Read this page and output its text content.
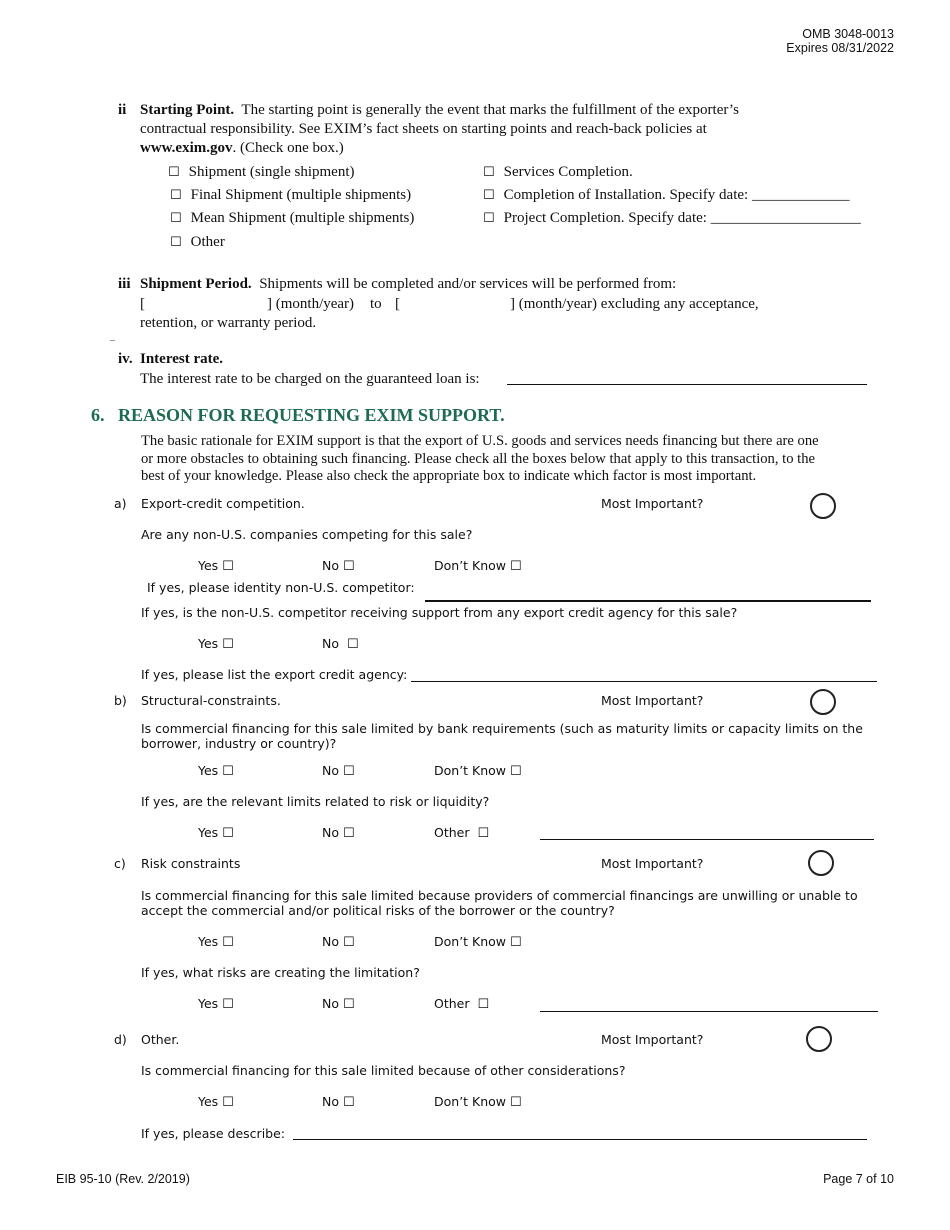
OMB 3048-0013
Expires 08/31/2022
ii Starting Point. The starting point is generally the event that marks the fulfillment of the exporter’s
contractual responsibility. See EXIM’s fact sheets on starting points and reach-back policies at
www.exim.gov. (Check one box.)
☐ Shipment (single shipment)
☐ Final Shipment (multiple shipments)
☐ Mean Shipment (multiple shipments)
☐ Other
☐ Services Completion.
☐ Completion of Installation. Specify date: _____________
☐ Project Completion. Specify date: ____________________
iii Shipment Period. Shipments will be completed and/or services will be performed from:
[	] (month/year) to [	] (month/year) excluding any acceptance,
retention, or warranty period.
iv. Interest rate.
The interest rate to be charged on the guaranteed loan is:
6. REASON FOR REQUESTING EXIM SUPPORT.
The basic rationale for EXIM support is that the export of U.S. goods and services needs financing but there are one
or more obstacles to obtaining such financing. Please check all the boxes below that apply to this transaction, to the
best of your knowledge. Please also check the appropriate box to indicate which factor is most important.
a) Export-credit competition.	Most Important?
Are any non-U.S. companies competing for this sale?
Yes ☐	No ☐	Don’t Know ☐
If yes, please identity non-U.S. competitor:
If yes, is the non-U.S. competitor receiving support from any export credit agency for this sale?
Yes ☐	No ☐
If yes, please list the export credit agency:
b) Structural-constraints.	Most Important?
Is commercial financing for this sale limited by bank requirements (such as maturity limits or capacity limits on the
borrower, industry or country)?
Yes ☐	No ☐	Don’t Know ☐
If yes, are the relevant limits related to risk or liquidity?
Yes ☐	No ☐	Other ☐
c) Risk constraints	Most Important?
Is commercial financing for this sale limited because providers of commercial financings are unwilling or unable to
accept the commercial and/or political risks of the borrower or the country?
Yes ☐	No ☐	Don’t Know ☐
If yes, what risks are creating the limitation?
Yes ☐	No ☐	Other ☐
d) Other.	Most Important?
Is commercial financing for this sale limited because of other considerations?
Yes ☐	No ☐	Don’t Know ☐
If yes, please describe:
EIB 95-10 (Rev. 2/2019)	Page 7 of 10
